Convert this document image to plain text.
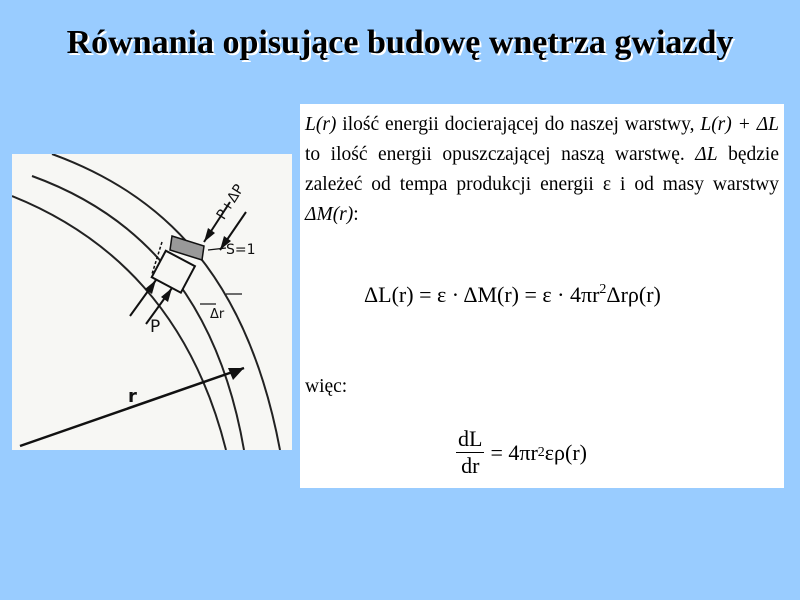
Równania opisujące budowę wnętrza gwiazdy
P+ΔP
S=1
Δr
P
r
L(r) ilość energii docierającej do naszej warstwy, L(r) + ΔL to ilość energii opuszczającej naszą warstwę. ΔL będzie zależeć od tempa produkcji energii ε i od masy warstwy ΔM(r):
$\Delta L(r) = \varepsilon \cdot \Delta M(r) = \varepsilon \cdot 4\pi r^2\Delta r\rho(r)$
więc:
$\frac{dL}{dr} = 4\pi r$ 2 ερ(r)
